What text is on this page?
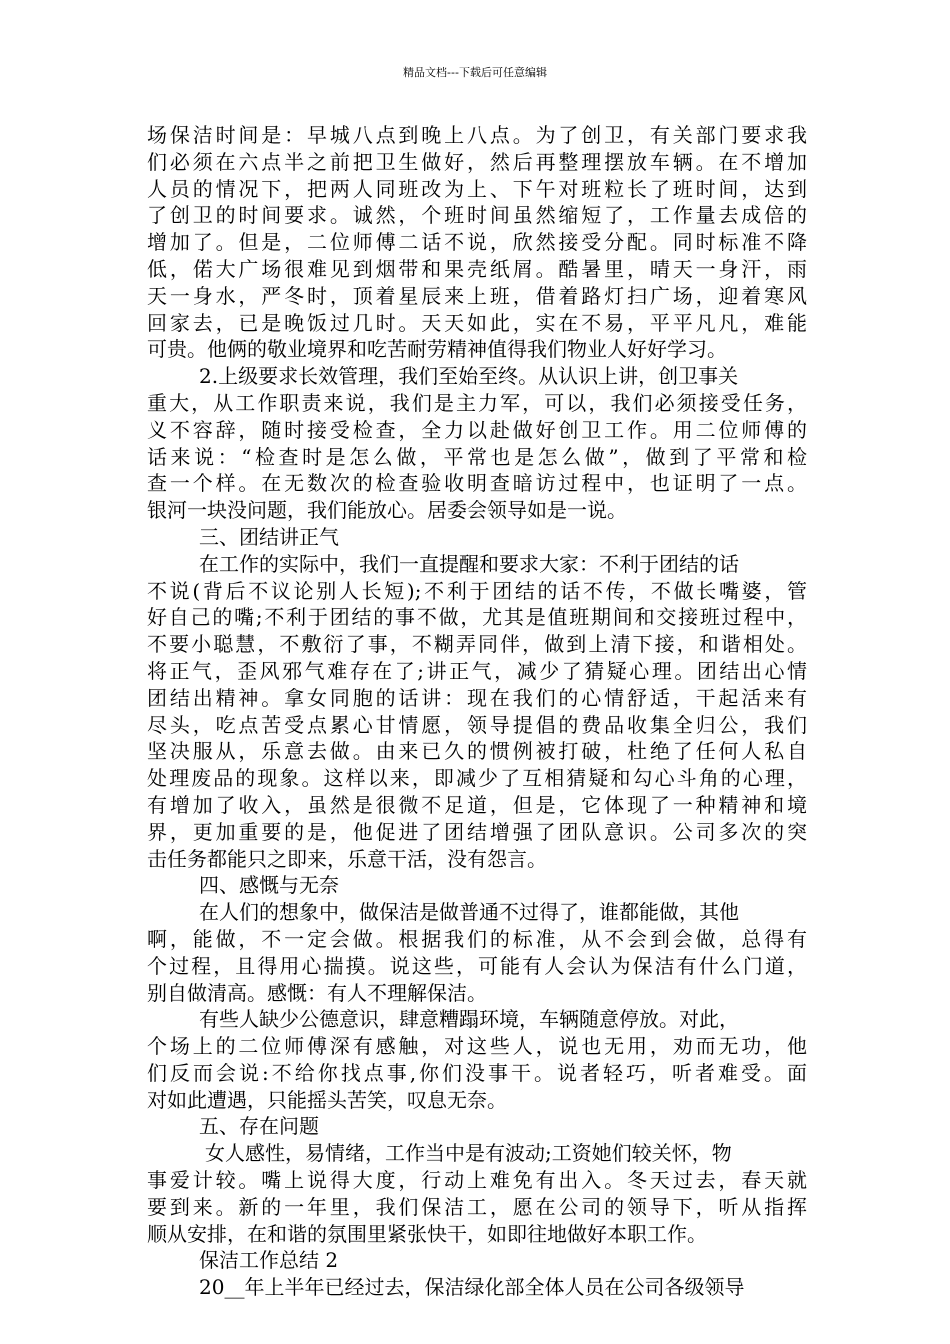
精品文档---下载后可任意编辑
场保洁时间是：早城八点到晚上八点。为了创卫，有关部门要求我
们必须在六点半之前把卫生做好，然后再整理摆放车辆。在不增加
人员的情况下，把两人同班改为上、下午对班粒长了班时间，达到
了创卫的时间要求。诚然，个班时间虽然缩短了，工作量去成倍的
增加了。但是，二位师傅二话不说，欣然接受分配。同时标准不降
低，偌大广场很难见到烟带和果壳纸屑。酷暑里，晴天一身汗，雨
天一身水，严冬时，顶着星辰来上班，借着路灯扫广场，迎着寒风
回家去，已是晚饭过几时。天天如此，实在不易，平平凡凡，难能
可贵。他俩的敬业境界和吃苦耐劳精神值得我们物业人好好学习。
2.上级要求长效管理，我们至始至终。从认识上讲，创卫事关
重大，从工作职责来说，我们是主力军，可以，我们必须接受任务，
义不容辞，随时接受检查，全力以赴做好创卫工作。用二位师傅的
话来说：“检查时是怎么做，平常也是怎么做”，做到了平常和检
查一个样。在无数次的检查验收明查暗访过程中，也证明了一点。
银河一块没问题，我们能放心。居委会领导如是一说。
三、团结讲正气
在工作的实际中，我们一直提醒和要求大家：不利于团结的话
不说(背后不议论别人长短);不利于团结的话不传，不做长嘴婆，管
好自己的嘴;不利于团结的事不做，尤其是值班期间和交接班过程中，
不要小聪慧，不敷衍了事，不糊弄同伴，做到上清下接，和谐相处。
将正气，歪风邪气难存在了;讲正气，减少了猜疑心理。团结出心情
团结出精神。拿女同胞的话讲：现在我们的心情舒适，干起活来有
尽头，吃点苦受点累心甘情愿，领导提倡的费品收集全归公，我们
坚决服从，乐意去做。由来已久的惯例被打破，杜绝了任何人私自
处理废品的现象。这样以来，即减少了互相猜疑和勾心斗角的心理，
有增加了收入，虽然是很微不足道，但是，它体现了一种精神和境
界，更加重要的是，他促进了团结增强了团队意识。公司多次的突
击任务都能只之即来，乐意干活，没有怨言。
四、感慨与无奈
在人们的想象中，做保洁是做普通不过得了，谁都能做，其他
啊，能做，不一定会做。根据我们的标准，从不会到会做，总得有
个过程，且得用心揣摸。说这些，可能有人会认为保洁有什么门道，
别自做清高。感慨：有人不理解保洁。
有些人缺少公德意识，肆意糟蹋环境，车辆随意停放。对此，
个场上的二位师傅深有感触，对这些人，说也无用，劝而无功，他
们反而会说:不给你找点事,你们没事干。说者轻巧，听者难受。面
对如此遭遇，只能摇头苦笑，叹息无奈。
五、存在问题
女人感性，易情绪，工作当中是有波动;工资她们较关怀，物
事爱计较。嘴上说得大度，行动上难免有出入。冬天过去，春天就
要到来。新的一年里，我们保洁工，愿在公司的领导下，听从指挥
顺从安排，在和谐的氛围里紧张快干，如即往地做好本职工作。
保洁工作总结 2
20__年上半年已经过去，保洁绿化部全体人员在公司各级领导
